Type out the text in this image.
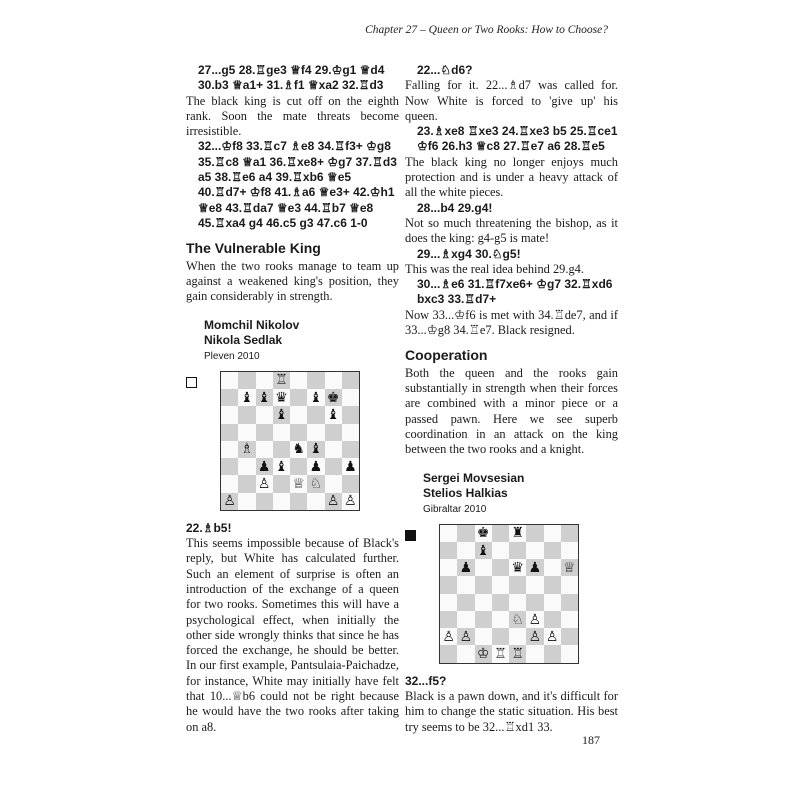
Chapter 27 – Queen or Two Rooks: How to Choose?

27...g5 28.♖ge3 ♕f4 29.♔g1 ♕d4 30.b3 ♕a1+ 31.♗f1 ♕xa2 32.♖d3

The black king is cut off on the eighth rank. Soon the mate threats become irresistible.

32...♔f8 33.♖c7 ♗e8 34.♖f3+ ♔g8 35.♖c8 ♕a1 36.♖xe8+ ♔g7 37.♖d3 a5 38.♖e6 a4 39.♖xb6 ♕e5 40.♖d7+ ♔f8 41.♗a6 ♕e3+ 42.♔h1 ♕e8 43.♖da7 ♕e3 44.♖b7 ♕e8 45.♖xa4 g4 46.c5 g3 47.c6 1-0

The Vulnerable King

When the two rooks manage to team up against a weakened king's position, they gain considerably in strength.

Momchil Nikolov
Nikola Sedlak
Pleven 2010
♖
♝ ♝ ♛ ♝ ♚
♝	♝
♗	♞ ♝
♟ ♝ ♟ ♟
♙ ♕ ♘
♙	♙ ♙

22.♗b5!

This seems impossible because of Black's reply, but White has calculated further. Such an element of surprise is often an introduction of the exchange of a queen for two rooks. Sometimes this will have a psychological effect, when initially the other side wrongly thinks that since he has forced the exchange, he should be better. In our first example, Pantsulaia-Paichadze, for instance, White may initially have felt that 10...♕b6 could not be right because he would have the two rooks after taking on a8.

22...♘d6?

Falling for it. 22...♗d7 was called for. Now White is forced to 'give up' his queen.

23.♗xe8 ♖xe3 24.♖xe3 b5 25.♖ce1 ♔f6 26.h3 ♕c8 27.♖e7 a6 28.♖e5

The black king no longer enjoys much protection and is under a heavy attack of all the white pieces.

28...b4 29.g4!

Not so much threatening the bishop, as it does the king: g4-g5 is mate!

29...♗xg4 30.♘g5!

This was the real idea behind 29.g4.

30...♗e6 31.♖f7xe6+ ♔g7 32.♖xd6 bxc3 33.♖d7+

Now 33...♔f6 is met with 34.♖de7, and if 33...♔g8 34.♖e7. Black resigned.

Cooperation

Both the queen and the rooks gain substantially in strength when their forces are combined with a minor piece or a passed pawn. Here we see superb coordination in an attack on the king between the two rooks and a knight.

Sergei Movsesian
Stelios Halkias
Gibraltar 2010
♚ ♜
♝
♟	♛ ♟ ♕
♘ ♙
♙ ♙	♙ ♙
♔ ♖ ♖

32...f5?

Black is a pawn down, and it's difficult for him to change the static situation. His best try seems to be 32...♖xd1 33.

187
